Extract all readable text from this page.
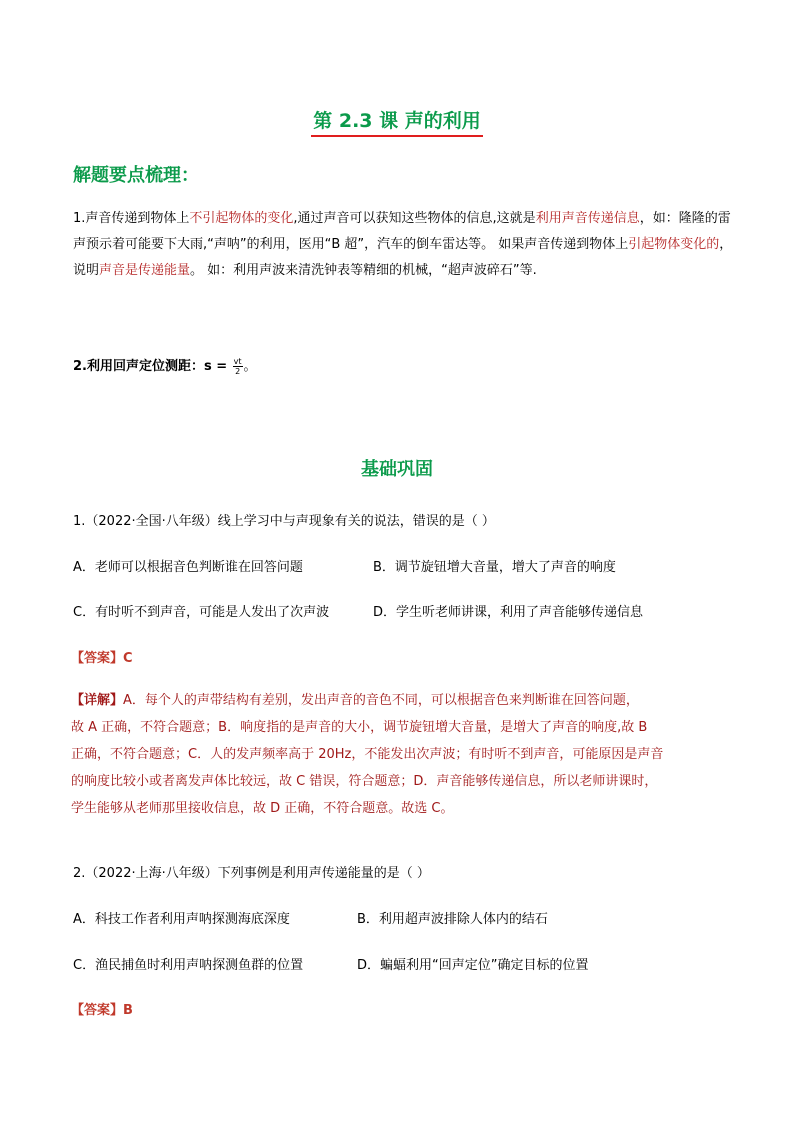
第 2.3 课 声的利用
解题要点梳理：
1.声音传递到物体上不引起物体的变化,通过声音可以获知这些物体的信息,这就是利用声音传递信息，如：隆隆的雷声预示着可能要下大雨,“声呐”的利用，医用“B 超”，汽车的倒车雷达等。 如果声音传递到物体上引起物体变化的，说明声音是传递能量。 如：利用声波来清洗钟表等精细的机械，“超声波碎石”等.
2.利用回声定位测距：$s = \frac{vt}{2}$ 。
基础巩固
1.（2022·全国·八年级）线上学习中与声现象有关的说法，错误的是（ ）
A．老师可以根据音色判断谁在回答问题	B．调节旋钮增大音量，增大了声音的响度
C．有时听不到声音，可能是人发出了次声波	D．学生听老师讲课，利用了声音能够传递信息
【答案】C
【详解】A．每个人的声带结构有差别，发出声音的音色不同，可以根据音色来判断谁在回答问题，
故 A 正确，不符合题意；B．响度指的是声音的大小，调节旋钮增大音量，是增大了声音的响度,故 B
正确，不符合题意；C．人的发声频率高于 20Hz，不能发出次声波；有时听不到声音，可能原因是声音
的响度比较小或者离发声体比较远，故 C 错误，符合题意；D．声音能够传递信息，所以老师讲课时，
学生能够从老师那里接收信息，故 D 正确，不符合题意。故选 C。
2.（2022·上海·八年级）下列事例是利用声传递能量的是（ ）
A．科技工作者利用声呐探测海底深度	B．利用超声波排除人体内的结石
C．渔民捕鱼时利用声呐探测鱼群的位置	D．蝙蝠利用“回声定位”确定目标的位置
【答案】B
